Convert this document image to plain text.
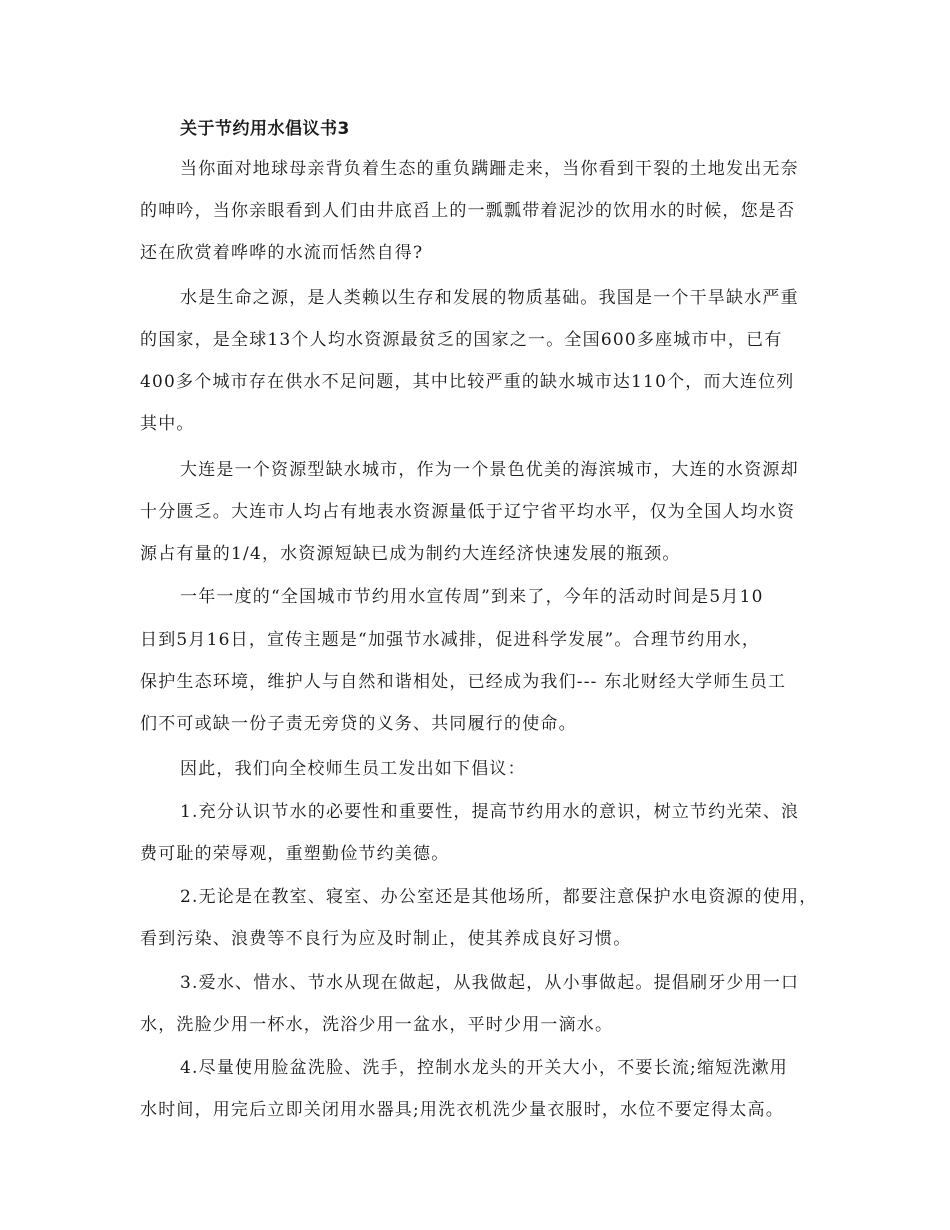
关于节约用水倡议书3
当你面对地球母亲背负着生态的重负蹒跚走来，当你看到干裂的土地发出无奈
的呻吟，当你亲眼看到人们由井底舀上的一瓢瓢带着泥沙的饮用水的时候，您是否
还在欣赏着哗哗的水流而恬然自得?
水是生命之源，是人类赖以生存和发展的物质基础。我国是一个干旱缺水严重
的国家，是全球13个人均水资源最贫乏的国家之一。全国600多座城市中，已有
400多个城市存在供水不足问题，其中比较严重的缺水城市达110个，而大连位列
其中。
大连是一个资源型缺水城市，作为一个景色优美的海滨城市，大连的水资源却
十分匮乏。大连市人均占有地表水资源量低于辽宁省平均水平，仅为全国人均水资
源占有量的1/4，水资源短缺已成为制约大连经济快速发展的瓶颈。
一年一度的“全国城市节约用水宣传周”到来了，今年的活动时间是5月10
日到5月16日，宣传主题是“加强节水减排，促进科学发展”。合理节约用水，
保护生态环境，维护人与自然和谐相处，已经成为我们--- 东北财经大学师生员工
们不可或缺一份子责无旁贷的义务、共同履行的使命。
因此，我们向全校师生员工发出如下倡议：
1.充分认识节水的必要性和重要性，提高节约用水的意识，树立节约光荣、浪
费可耻的荣辱观，重塑勤俭节约美德。
2.无论是在教室、寝室、办公室还是其他场所，都要注意保护水电资源的使用，
看到污染、浪费等不良行为应及时制止，使其养成良好习惯。
3.爱水、惜水、节水从现在做起，从我做起，从小事做起。提倡刷牙少用一口
水，洗脸少用一杯水，洗浴少用一盆水，平时少用一滴水。
4.尽量使用脸盆洗脸、洗手，控制水龙头的开关大小，不要长流;缩短洗漱用
水时间，用完后立即关闭用水器具;用洗衣机洗少量衣服时，水位不要定得太高。
